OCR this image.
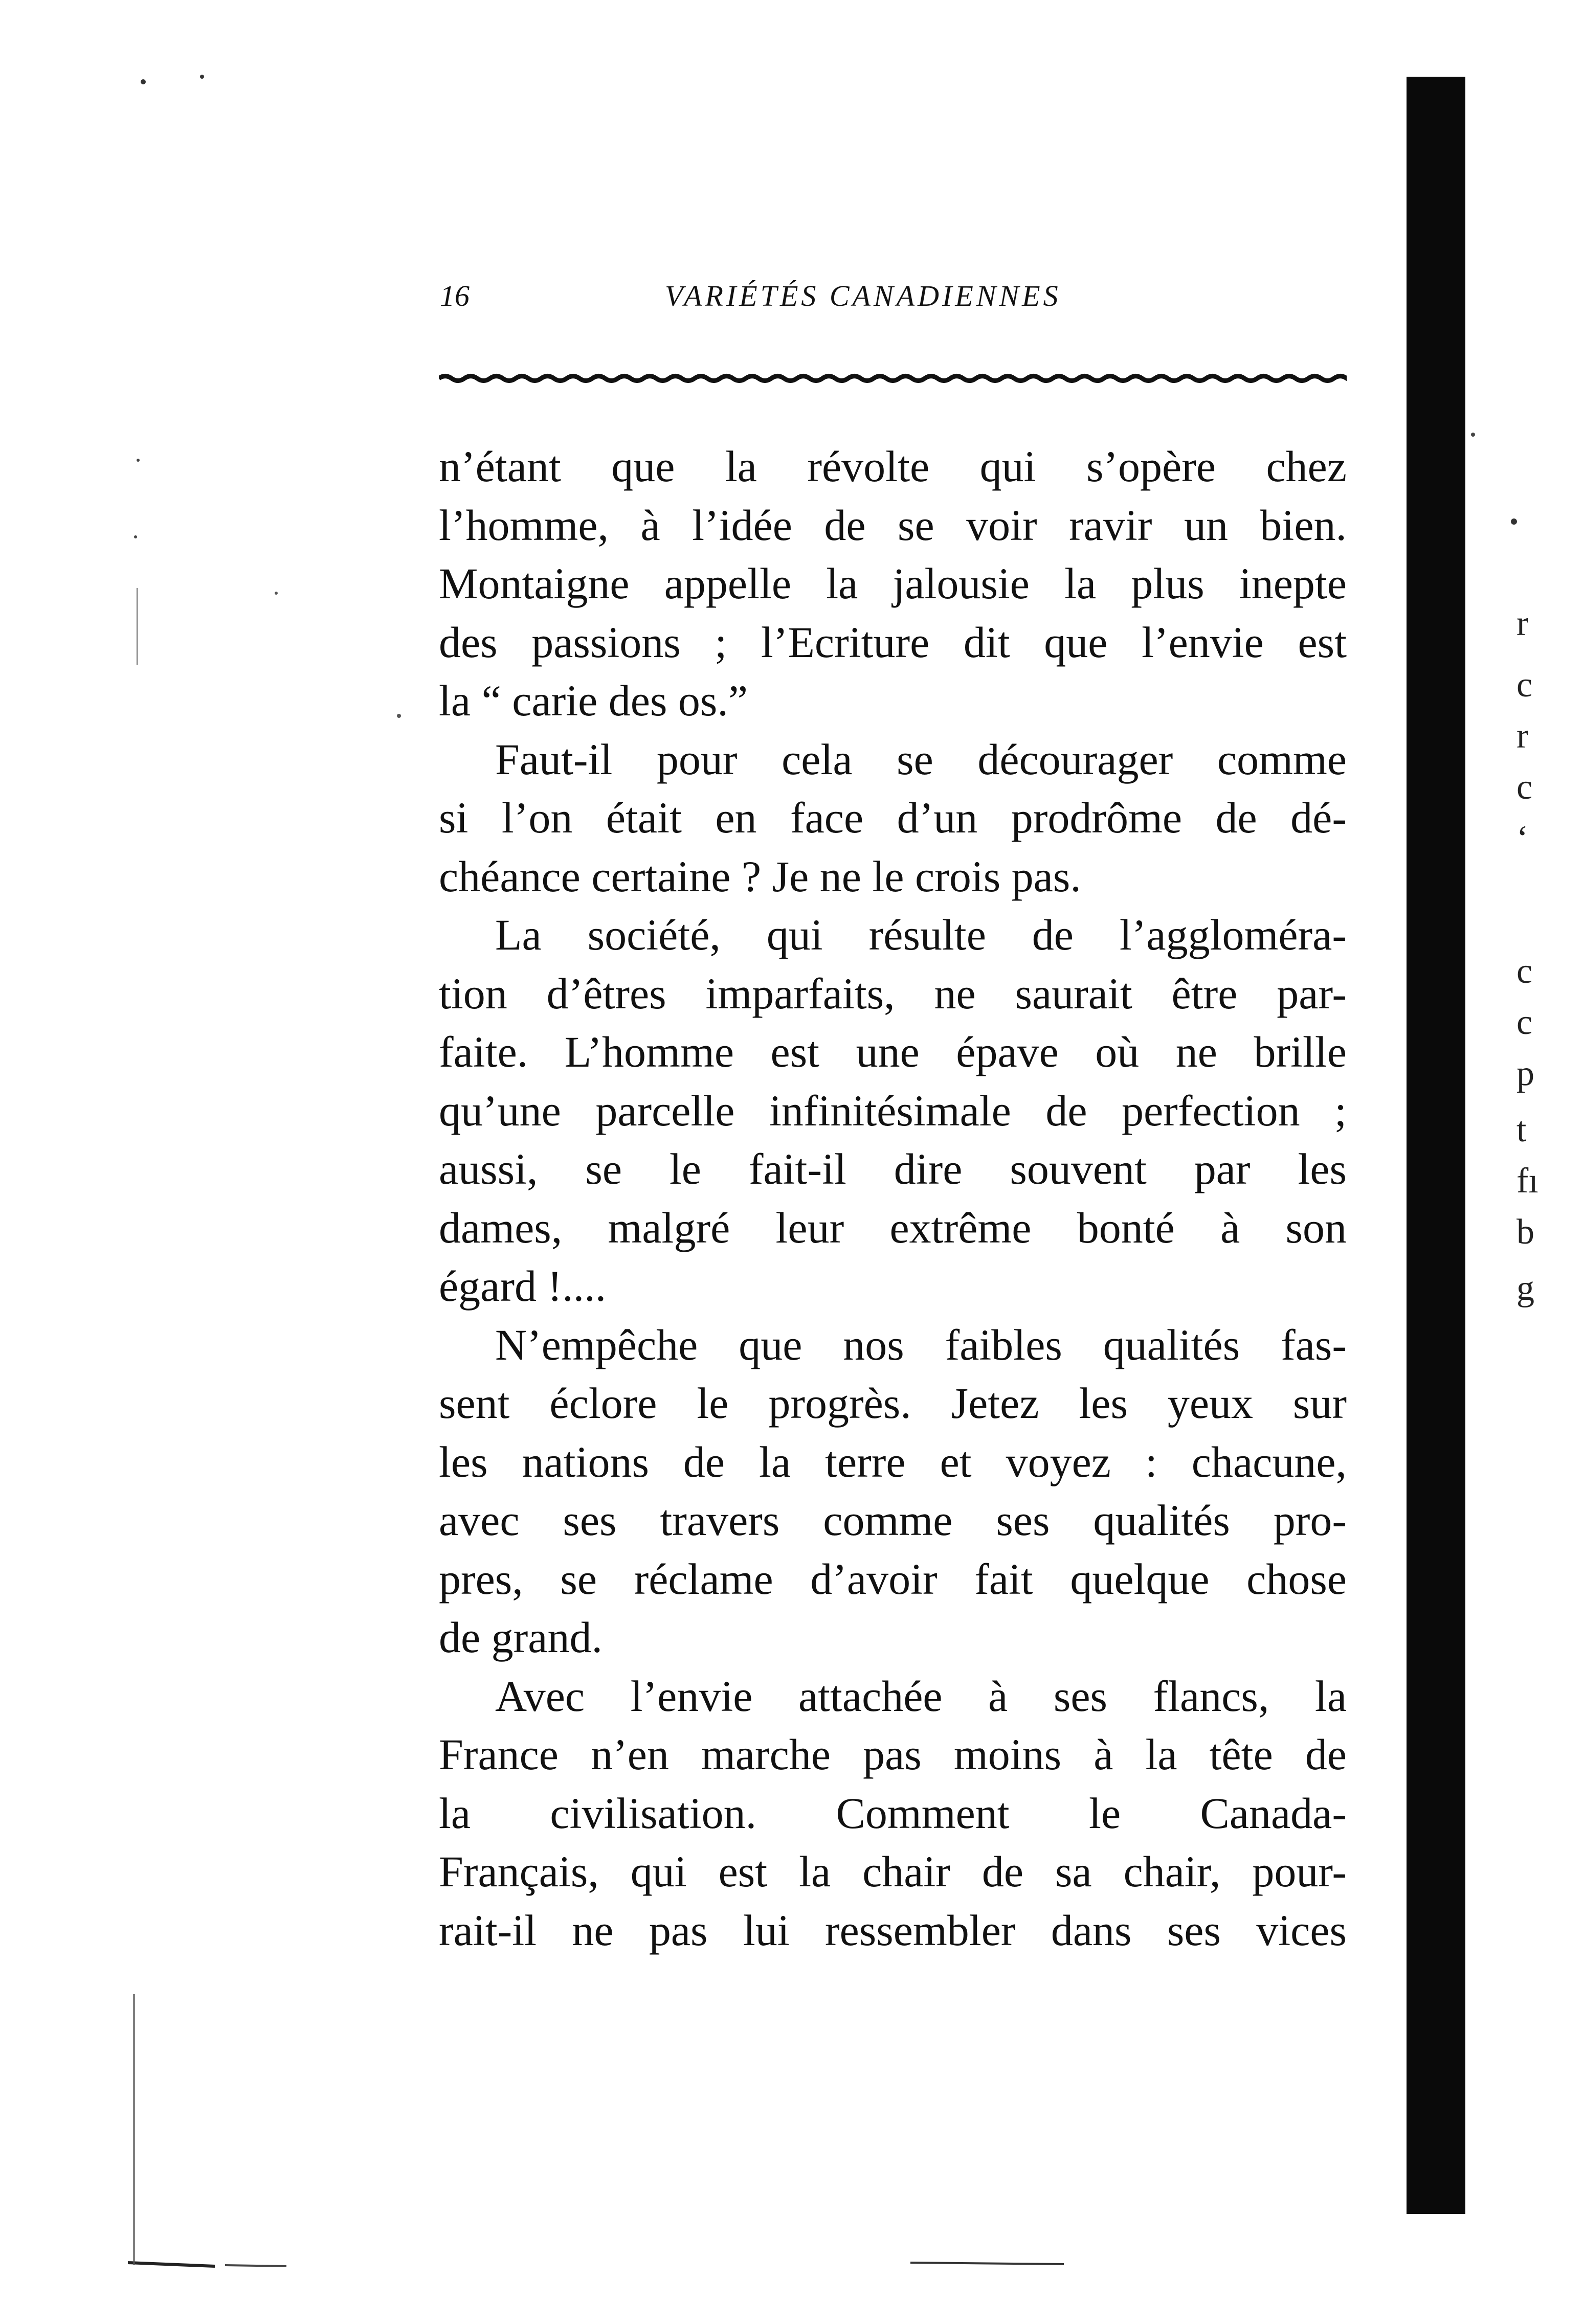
16	VARIÉTÉS CANADIENNES
n’étant que la révolte qui s’opère chez
l’homme, à l’idée de se voir ravir un bien.
Montaigne appelle la jalousie la plus inepte
des passions ; l’Ecriture dit que l’envie est
la “ carie des os.”
Faut-il pour cela se décourager comme
si l’on était en face d’un prodrôme de dé-
chéance certaine ? Je ne le crois pas.
La société, qui résulte de l’aggloméra-
tion d’êtres imparfaits, ne saurait être par-
faite. L’homme est une épave où ne brille
qu’une parcelle infinitésimale de perfection ;
aussi, se le fait-il dire souvent par les
dames, malgré leur extrême bonté à son
égard !....
N’empêche que nos faibles qualités fas-
sent éclore le progrès. Jetez les yeux sur
les nations de la terre et voyez : chacune,
avec ses travers comme ses qualités pro-
pres, se réclame d’avoir fait quelque chose
de grand.
Avec l’envie attachée à ses flancs, la
France n’en marche pas moins à la tête de
la civilisation. Comment le Canada-
Français, qui est la chair de sa chair, pour-
rait-il ne pas lui ressembler dans ses vices
r
c
r
c
‘
c
c
p
t
fı
b
g
